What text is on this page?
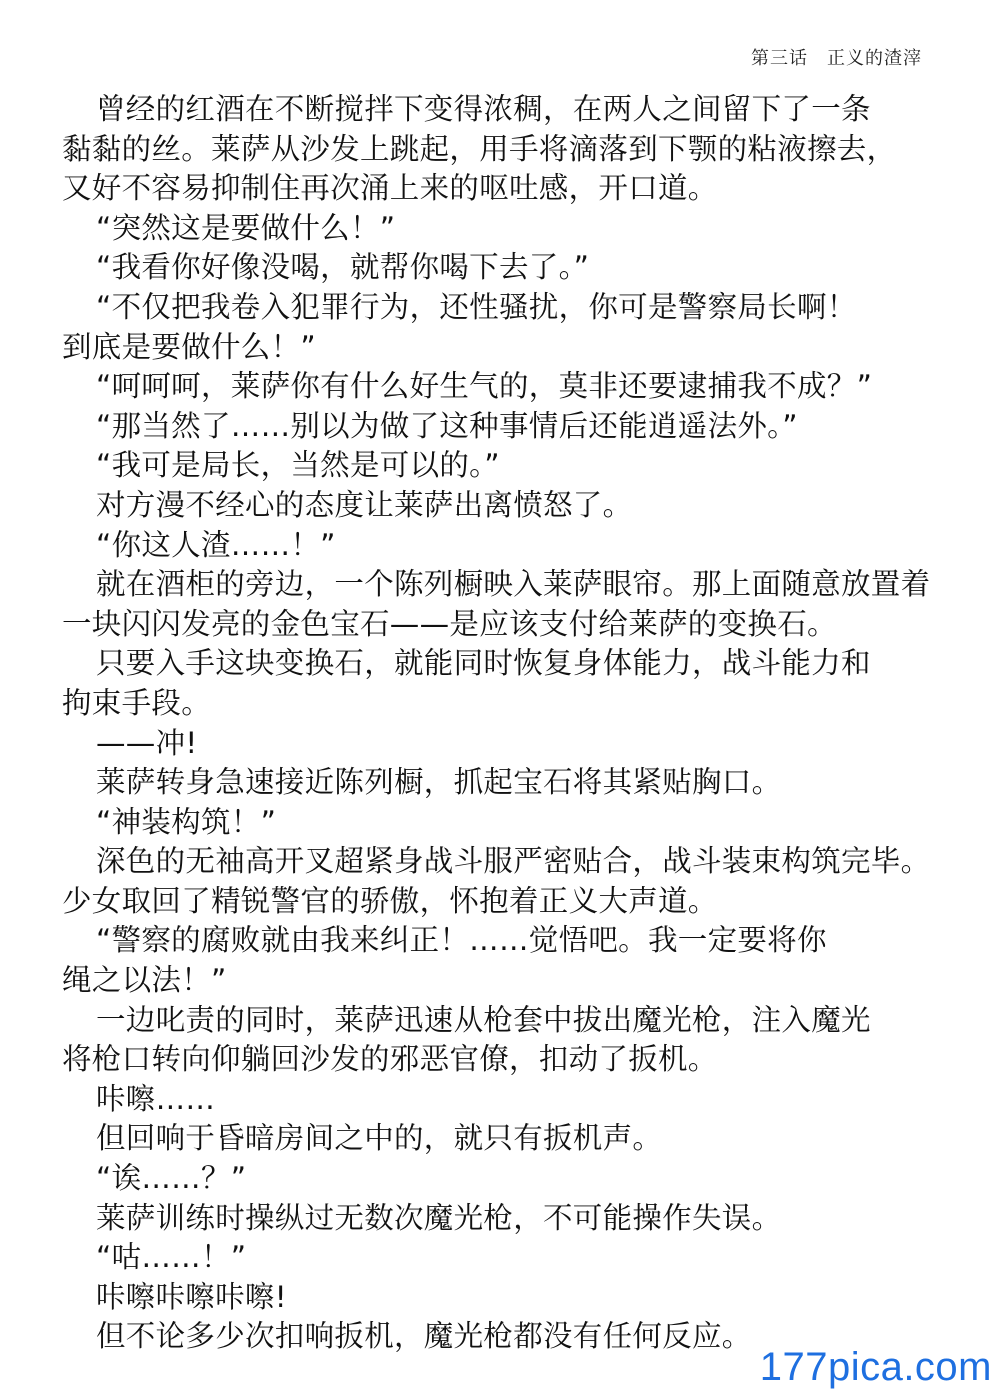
第三话　正义的渣滓
曾经的红酒在不断搅拌下变得浓稠，在两人之间留下了一条
黏黏的丝。莱萨从沙发上跳起，用手将滴落到下颚的粘液擦去，
又好不容易抑制住再次涌上来的呕吐感，开口道。
“突然这是要做什么！”
“我看你好像没喝，就帮你喝下去了。”
“不仅把我卷入犯罪行为，还性骚扰，你可是警察局长啊！
到底是要做什么！”
“呵呵呵，莱萨你有什么好生气的，莫非还要逮捕我不成？”
“那当然了……别以为做了这种事情后还能逍遥法外。”
“我可是局长，当然是可以的。”
对方漫不经心的态度让莱萨出离愤怒了。
“你这人渣……！”
就在酒柜的旁边，一个陈列橱映入莱萨眼帘。那上面随意放置着
一块闪闪发亮的金色宝石——是应该支付给莱萨的变换石。
只要入手这块变换石，就能同时恢复身体能力，战斗能力和
拘束手段。
——冲!
莱萨转身急速接近陈列橱，抓起宝石将其紧贴胸口。
“神装构筑！”
深色的无袖高开叉超紧身战斗服严密贴合，战斗装束构筑完毕。
少女取回了精锐警官的骄傲，怀抱着正义大声道。
“警察的腐败就由我来纠正！……觉悟吧。我一定要将你
绳之以法！”
一边叱责的同时，莱萨迅速从枪套中拔出魔光枪，注入魔光
将枪口转向仰躺回沙发的邪恶官僚，扣动了扳机。
咔嚓……
但回响于昏暗房间之中的，就只有扳机声。
“诶……？”
莱萨训练时操纵过无数次魔光枪，不可能操作失误。
“咕……！”
咔嚓咔嚓咔嚓!
但不论多少次扣响扳机，魔光枪都没有任何反应。
177pica.com
